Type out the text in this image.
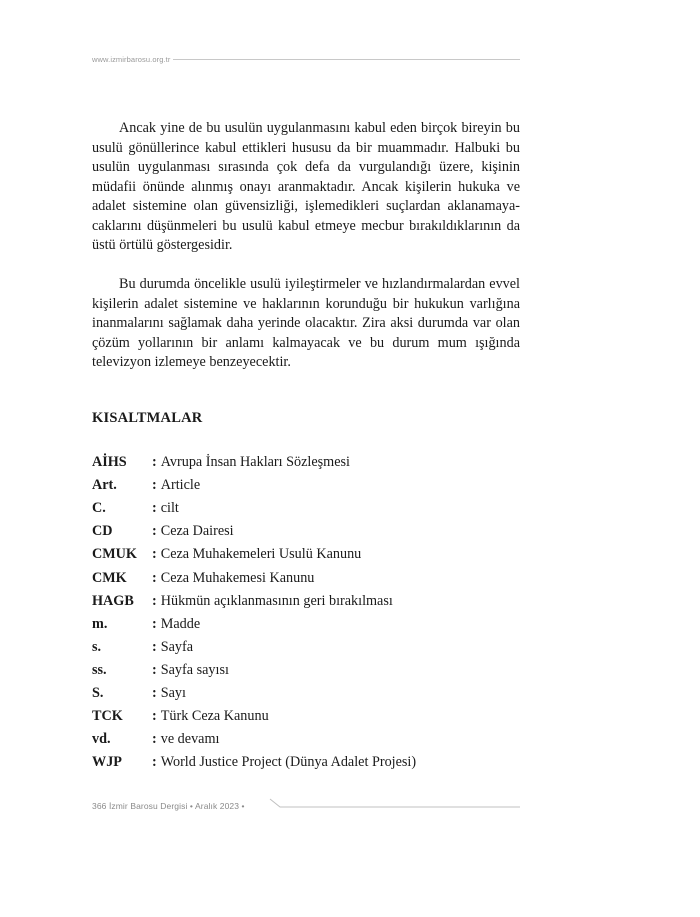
www.izmirbarosu.org.tr

Ancak yine de bu usulün uygulanmasını kabul eden birçok bireyin bu usulü gönüllerince kabul ettikleri hususu da bir muammadır. Halbuki bu usulün uygulanması sırasında çok defa da vurgulandığı üzere, kişinin müdafii önünde alınmış onayı aranmaktadır. Ancak kişilerin hukuka ve adalet sistemine olan güvensizliği, işlemedikleri suçlardan aklanamayacaklarını düşünmeleri bu usulü kabul etmeye mecbur bırakıldıklarının da üstü örtülü göstergesidir.

Bu durumda öncelikle usulü iyileştirmeler ve hızlandırmalardan evvel kişilerin adalet sistemine ve haklarının korunduğu bir hukukun varlığına inanmalarını sağlamak daha yerinde olacaktır. Zira aksi durumda var olan çözüm yollarının bir anlamı kalmayacak ve bu durum mum ışığında televizyon izlemeye benzeyecektir.

KISALTMALAR
AİHS	: Avrupa İnsan Hakları Sözleşmesi
Art.	: Article
C.	: cilt
CD	: Ceza Dairesi
CMUK	: Ceza Muhakemeleri Usulü Kanunu
CMK	: Ceza Muhakemesi Kanunu
HAGB	: Hükmün açıklanmasının geri bırakılması
m.	: Madde
s.	: Sayfa
ss.	: Sayfa sayısı
S.	: Sayı
TCK	: Türk Ceza Kanunu
vd.	: ve devamı
WJP	: World Justice Project (Dünya Adalet Projesi)
366 İzmir Barosu Dergisi • Aralık 2023 •
